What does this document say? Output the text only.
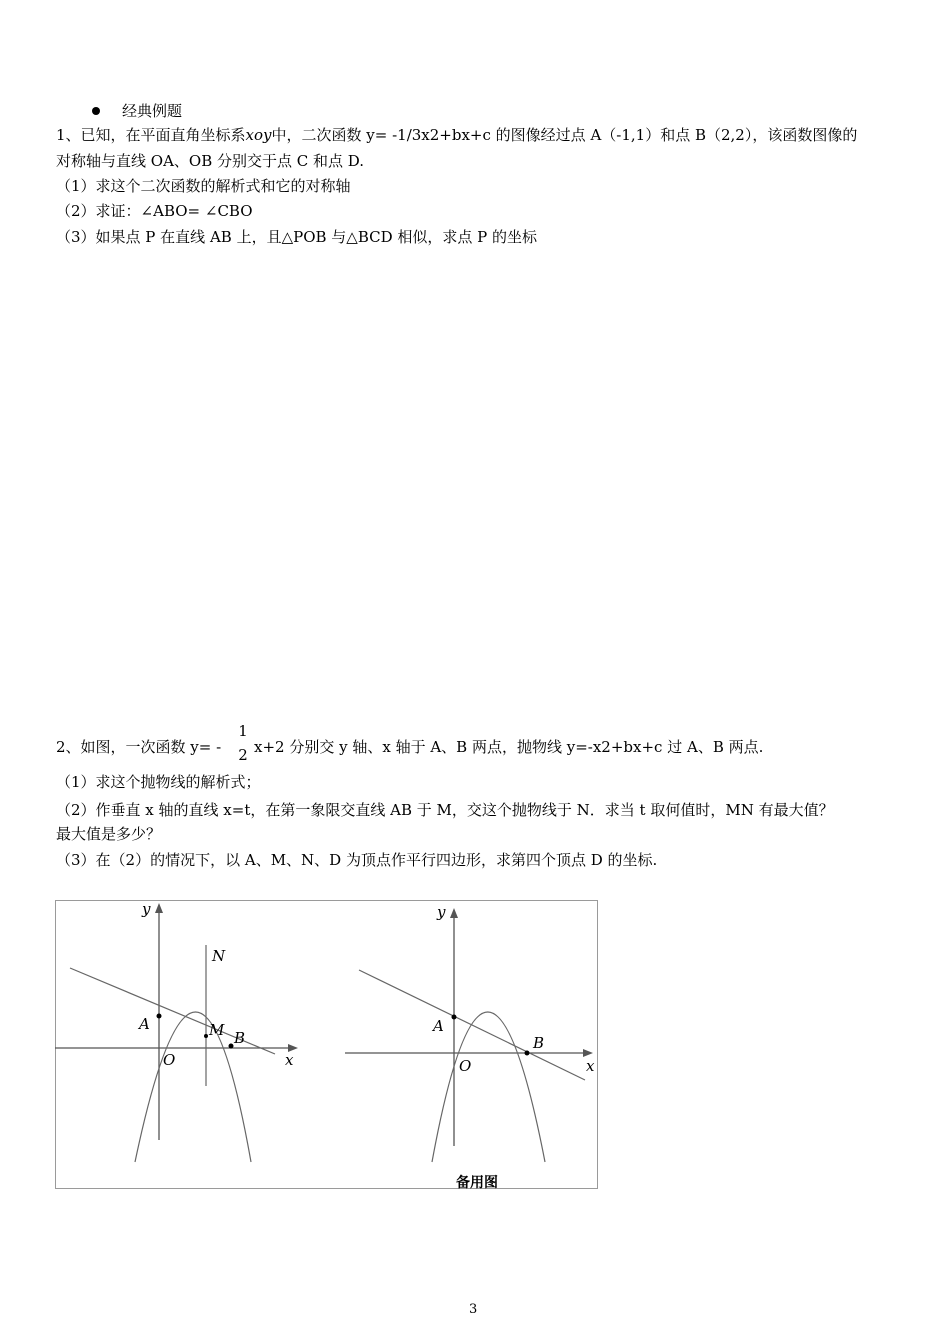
经典例题
1、已知，在平面直角坐标系xoy中，二次函数 y= -1/3x2+bx+c 的图像经过点 A（-1,1）和点 B（2,2），该函数图像的
对称轴与直线 OA、OB 分别交于点 C 和点 D.
（1）求这个二次函数的解析式和它的对称轴
（2）求证：∠ABO= ∠CBO
（3）如果点 P 在直线 AB 上，且△POB 与△BCD 相似，求点 P 的坐标
2、如图，一次函数 y= -
1
2 x+2 分别交 y 轴、x 轴于 A、B 两点，抛物线 y=-x2+bx+c 过 A、B 两点.
（1）求这个抛物线的解析式；
（2）作垂直 x 轴的直线 x=t，在第一象限交直线 AB 于 M，交这个抛物线于 N．求当 t 取何值时，MN 有最大值？
最大值是多少？
（3）在（2）的情况下，以 A、M、N、D 为顶点作平行四边形，求第四个顶点 D 的坐标.
y
x
O
A
B
M
N
y
x
O
A
B
备用图
3
